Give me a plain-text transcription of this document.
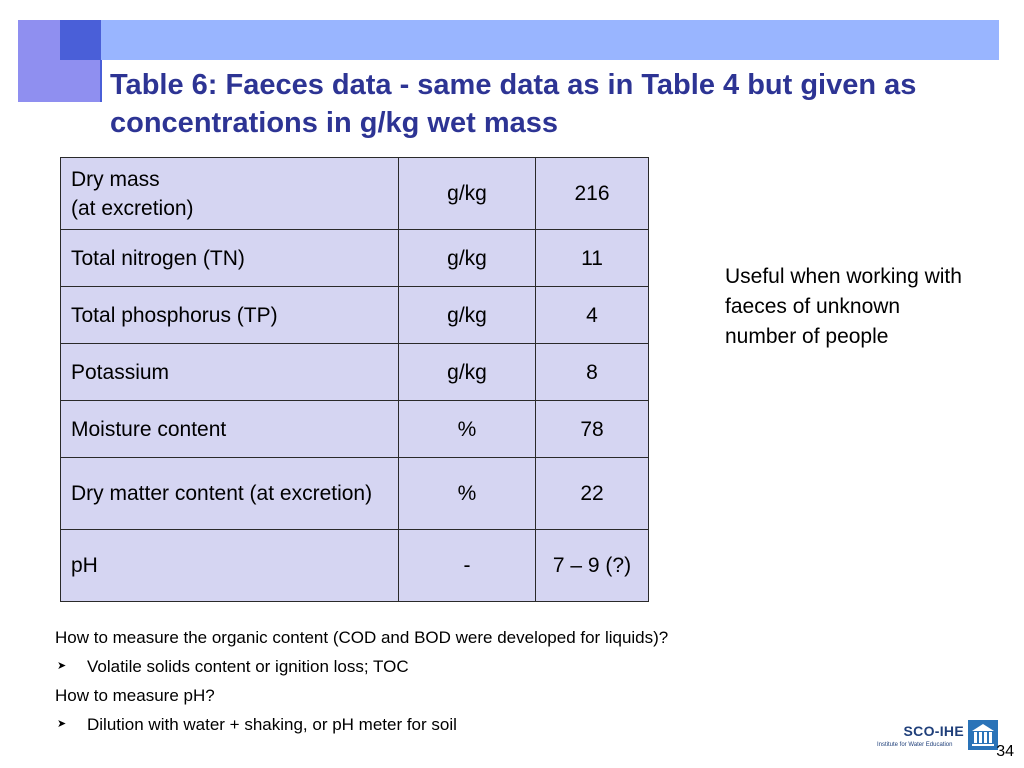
Table 6: Faeces data - same data as in Table 4 but given as concentrations in g/kg wet mass
Dry mass
(at excretion)	g/kg	216
Total nitrogen (TN)	g/kg	11
Total phosphorus (TP)	g/kg	4
Potassium	g/kg	8
Moisture content	%	78
Dry matter content (at excretion)	%	22
pH	-	7 – 9 (?)

Useful when working with faeces of unknown number of people

How to measure the organic content (COD and BOD were developed for liquids)?

➤ Volatile solids content or ignition loss; TOC

How to measure pH?

➤ Dilution with water + shaking, or pH meter for soil	SCO-IHE
Institute for Water Education	34
